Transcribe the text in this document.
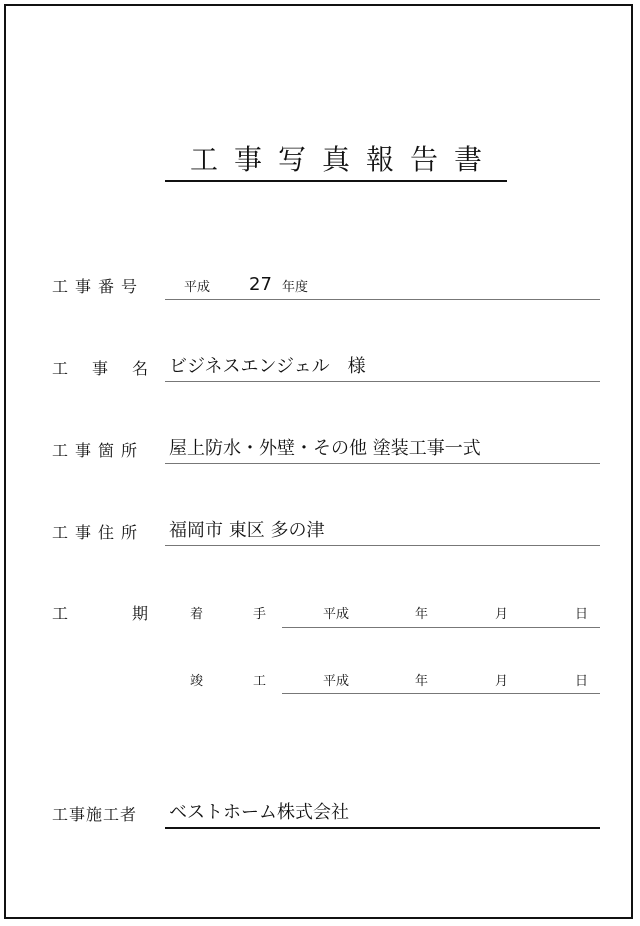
工事写真報告書
工事番号	平成 27 年度
工 事 名 ビジネスエンジェル　様
工事箇所 屋上防水・外壁・その他 塗装工事一式
工事住所 福岡市 東区 多の津
工	期	着	手	平成	年	月	日
竣	工	平成	年	月	日
工事施工者 ベストホーム株式会社
